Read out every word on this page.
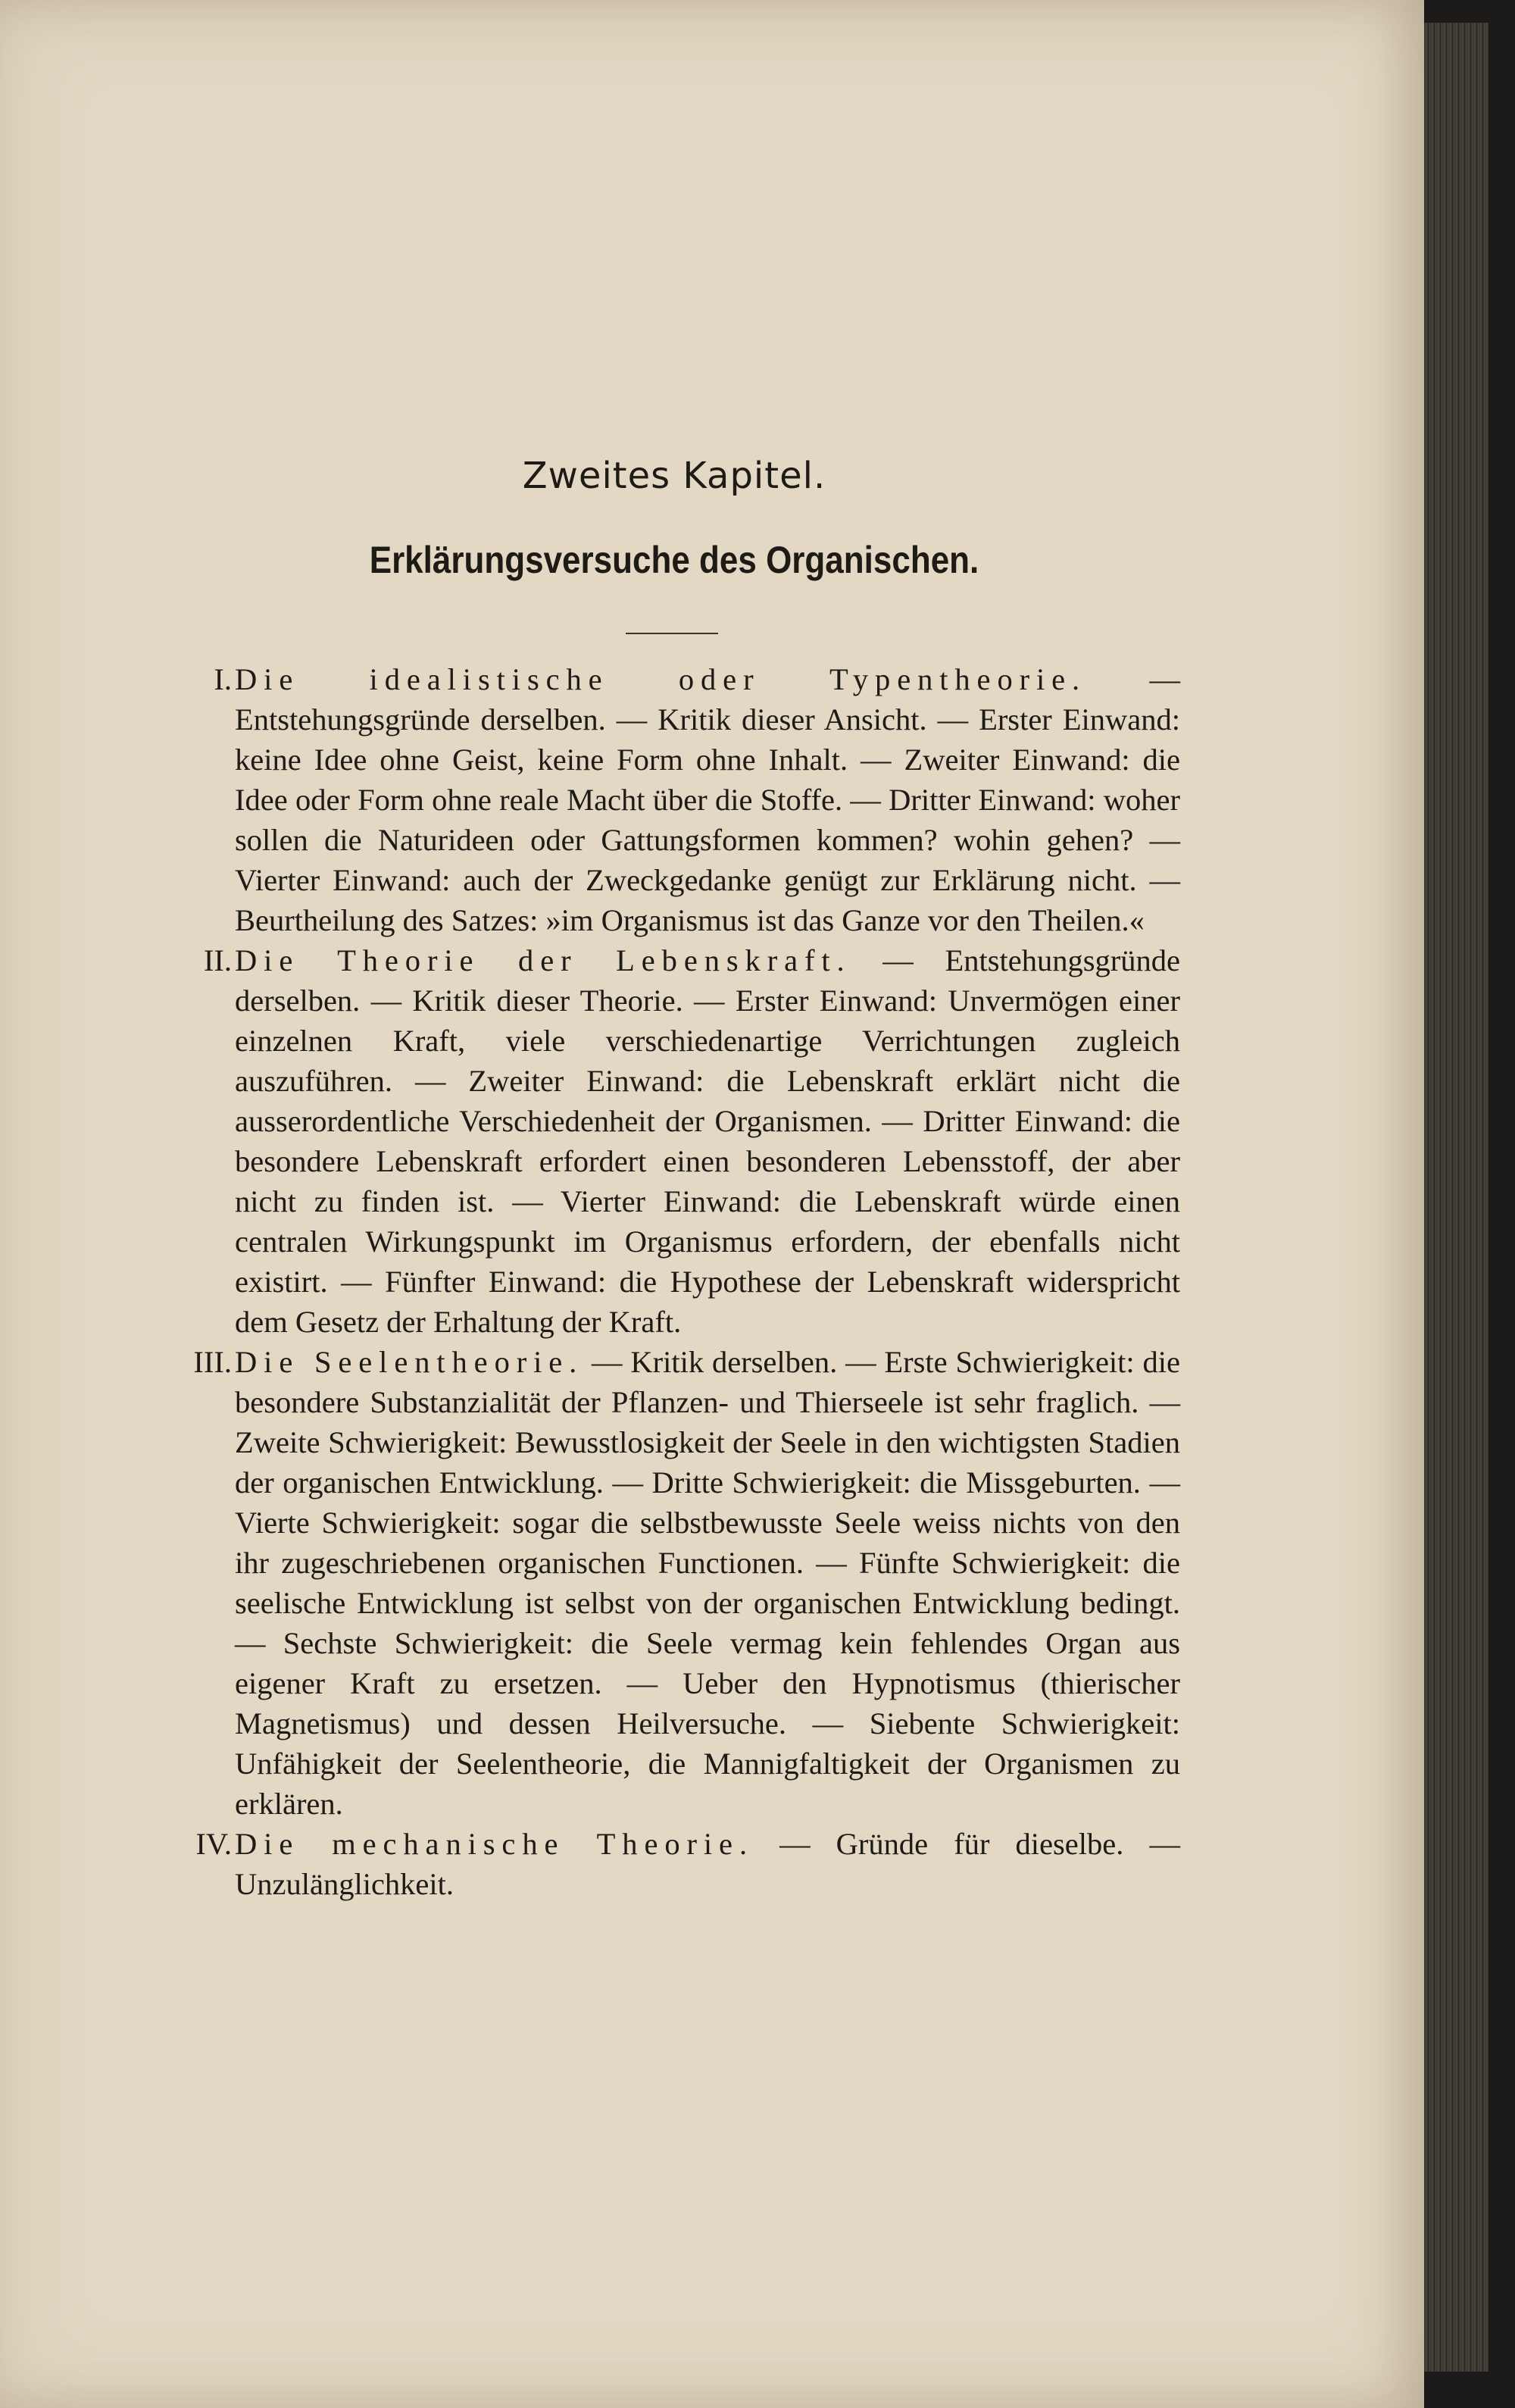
Zweites Kapitel.
Erklärungsversuche des Organischen.
I. Die idealistische oder Typentheorie. — Entstehungsgründe derselben. — Kritik dieser Ansicht. — Erster Einwand: keine Idee ohne Geist, keine Form ohne Inhalt. — Zweiter Einwand: die Idee oder Form ohne reale Macht über die Stoffe. — Dritter Einwand: woher sollen die Naturideen oder Gattungsformen kommen? wohin gehen? — Vierter Einwand: auch der Zweckgedanke genügt zur Erklärung nicht. — Beurtheilung des Satzes: »im Organismus ist das Ganze vor den Theilen.«
II. Die Theorie der Lebenskraft. — Entstehungsgründe derselben. — Kritik dieser Theorie. — Erster Einwand: Unvermögen einer einzelnen Kraft, viele verschiedenartige Verrichtungen zugleich auszuführen. — Zweiter Einwand: die Lebenskraft erklärt nicht die ausserordentliche Verschiedenheit der Organismen. — Dritter Einwand: die besondere Lebenskraft erfordert einen besonderen Lebensstoff, der aber nicht zu finden ist. — Vierter Einwand: die Lebenskraft würde einen centralen Wirkungspunkt im Organismus erfordern, der ebenfalls nicht existirt. — Fünfter Einwand: die Hypothese der Lebenskraft widerspricht dem Gesetz der Erhaltung der Kraft.
III. Die Seelentheorie. — Kritik derselben. — Erste Schwierigkeit: die besondere Substanzialität der Pflanzen- und Thierseele ist sehr fraglich. — Zweite Schwierigkeit: Bewusstlosigkeit der Seele in den wichtigsten Stadien der organischen Entwicklung. — Dritte Schwierigkeit: die Missgeburten. — Vierte Schwierigkeit: sogar die selbstbewusste Seele weiss nichts von den ihr zugeschriebenen organischen Functionen. — Fünfte Schwierigkeit: die seelische Entwicklung ist selbst von der organischen Entwicklung bedingt. — Sechste Schwierigkeit: die Seele vermag kein fehlendes Organ aus eigener Kraft zu ersetzen. — Ueber den Hypnotismus (thierischer Magnetismus) und dessen Heilversuche. — Siebente Schwierigkeit: Unfähigkeit der Seelentheorie, die Mannigfaltigkeit der Organismen zu erklären.
IV. Die mechanische Theorie. — Gründe für dieselbe. — Unzulänglichkeit.
